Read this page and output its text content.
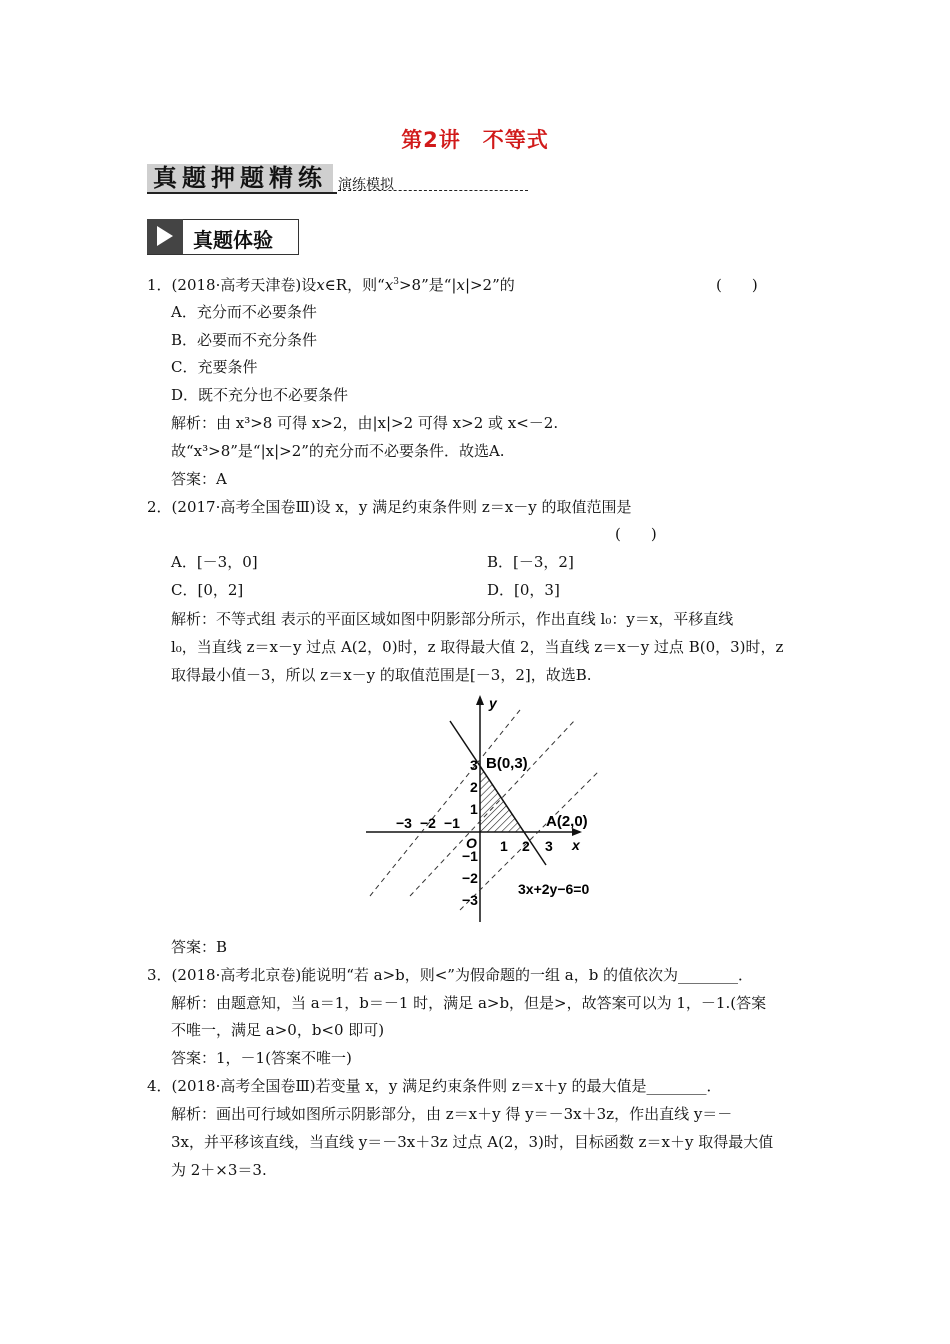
第2讲　不等式
真题押题精练 演练模拟
真题体验
1．(2018·高考天津卷)设x∈R，则“$x^3>8$”是“|x|>2”的	(　　)
A．充分而不必要条件
B．必要而不充分条件
C．充要条件
D．既不充分也不必要条件
解析：由 x³>8 可得 x>2，由|x|>2 可得 x>2 或 x<－2.
故“x³>8”是“|x|>2”的充分而不必要条件．故选A.
答案：A
2．(2017·高考全国卷Ⅲ)设 x，y 满足约束条件则 z＝x－y 的取值范围是
(　　)
A．[－3，0]	B．[－3，2]
C．[0，2]	D．[0，3]
解析：不等式组 表示的平面区域如图中阴影部分所示，作出直线 l₀：y＝x，平移直线
l₀，当直线 z＝x－y 过点 A(2，0)时，z 取得最大值 2，当直线 z＝x－y 过点 B(0，3)时，z
取得最小值－3，所以 z＝x－y 的取值范围是[－3，2]，故选B.
y
x
O
B(0,3)
A(2,0)
3x+2y−6=0
−3 −2 −1
1 2 3
3
2
1
−1
−2
−3
答案：B
3．(2018·高考北京卷)能说明“若 a>b，则<”为假命题的一组 a，b 的值依次为________．
解析：由题意知，当 a＝1，b＝－1 时，满足 a>b，但是>，故答案可以为 1，－1.(答案
不唯一，满足 a>0，b<0 即可)
答案：1，－1(答案不唯一)
4．(2018·高考全国卷Ⅲ)若变量 x，y 满足约束条件则 z＝x＋y 的最大值是________．
解析：画出可行域如图所示阴影部分，由 z＝x＋y 得 y＝－3x＋3z，作出直线 y＝－
3x，并平移该直线，当直线 y＝－3x＋3z 过点 A(2，3)时，目标函数 z＝x＋y 取得最大值
为 2＋×3＝3.
